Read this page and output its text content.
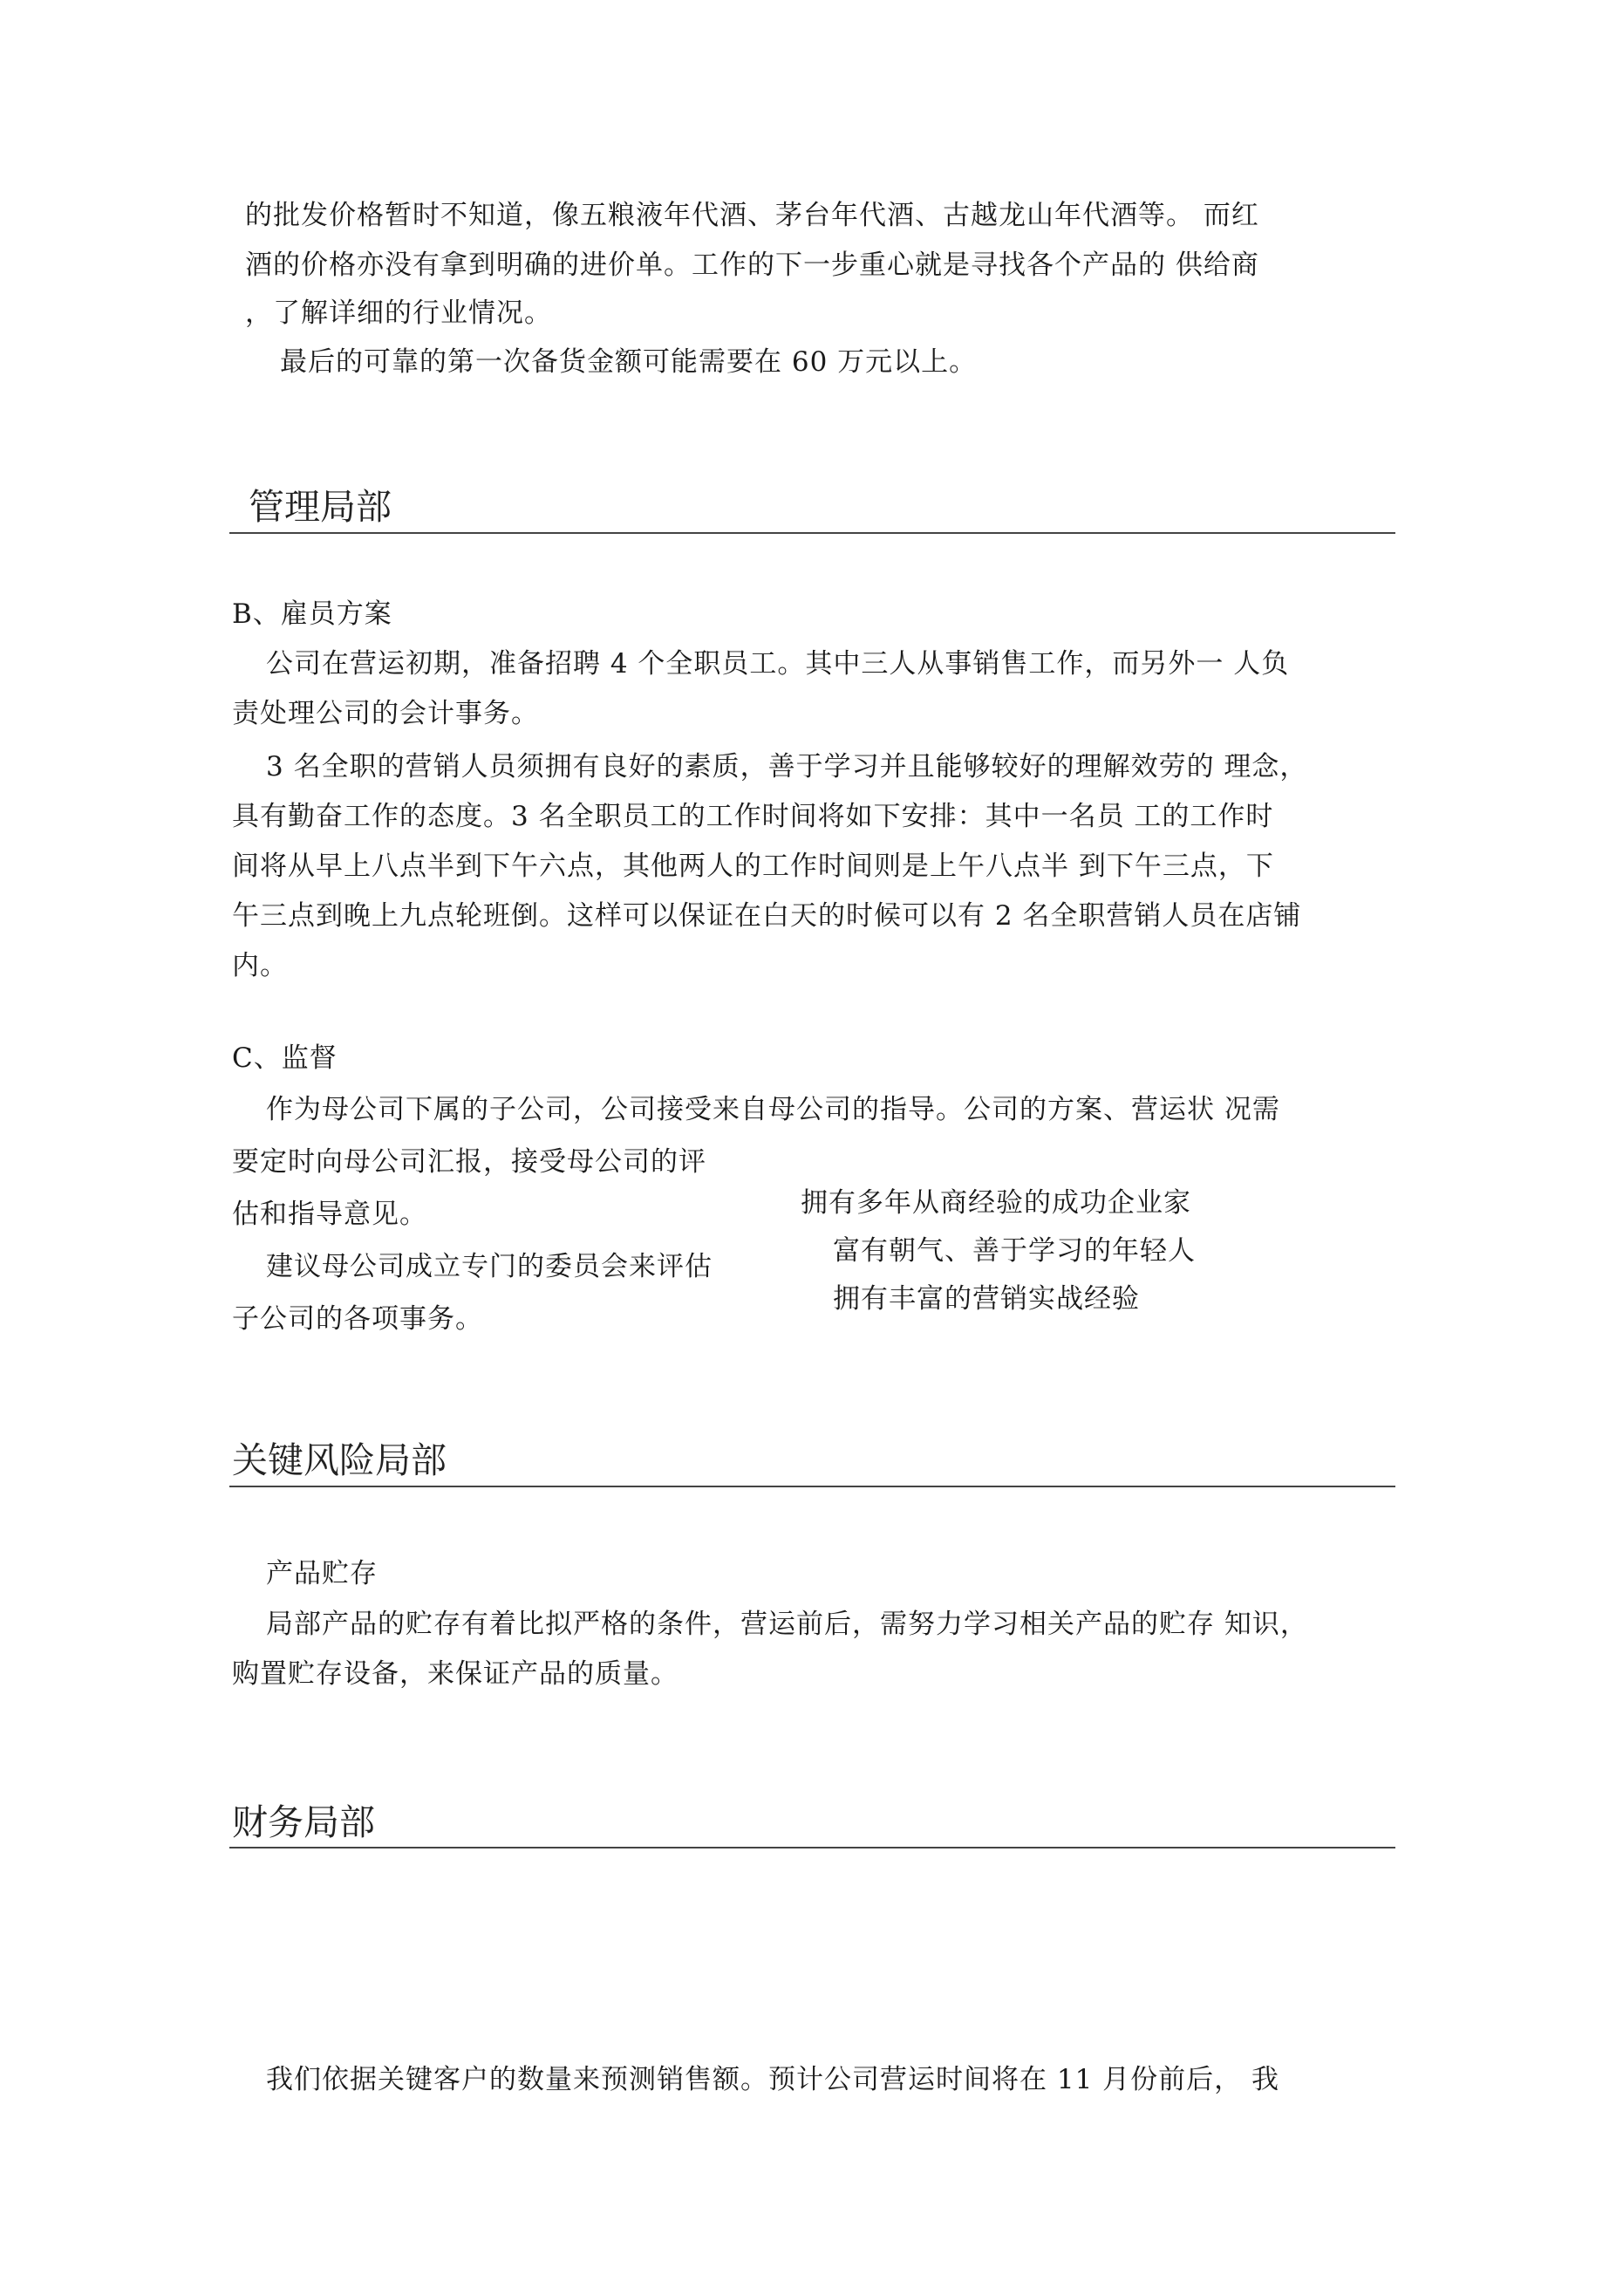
的批发价格暂时不知道，像五粮液年代酒、茅台年代酒、古越龙山年代酒等。 而红
酒的价格亦没有拿到明确的进价单。工作的下一步重心就是寻找各个产品的 供给商
，了解详细的行业情况。
最后的可靠的第一次备货金额可能需要在 60 万元以上。
管理局部
B、雇员方案
公司在营运初期，准备招聘 4 个全职员工。其中三人从事销售工作，而另外一 人负
责处理公司的会计事务。
3 名全职的营销人员须拥有良好的素质，善于学习并且能够较好的理解效劳的 理念，
具有勤奋工作的态度。3 名全职员工的工作时间将如下安排：其中一名员 工的工作时
间将从早上八点半到下午六点，其他两人的工作时间则是上午八点半 到下午三点，下
午三点到晚上九点轮班倒。这样可以保证在白天的时候可以有 2 名全职营销人员在店铺
内。
C、监督
作为母公司下属的子公司，公司接受来自母公司的指导。公司的方案、营运状 况需
要定时向母公司汇报，接受母公司的评
估和指导意见。
建议母公司成立专门的委员会来评估
子公司的各项事务。
拥有多年从商经验的成功企业家
富有朝气、善于学习的年轻人
拥有丰富的营销实战经验
关键风险局部
产品贮存
局部产品的贮存有着比拟严格的条件，营运前后，需努力学习相关产品的贮存 知识，
购置贮存设备，来保证产品的质量。
财务局部
我们依据关键客户的数量来预测销售额。预计公司营运时间将在 11 月份前后， 我
